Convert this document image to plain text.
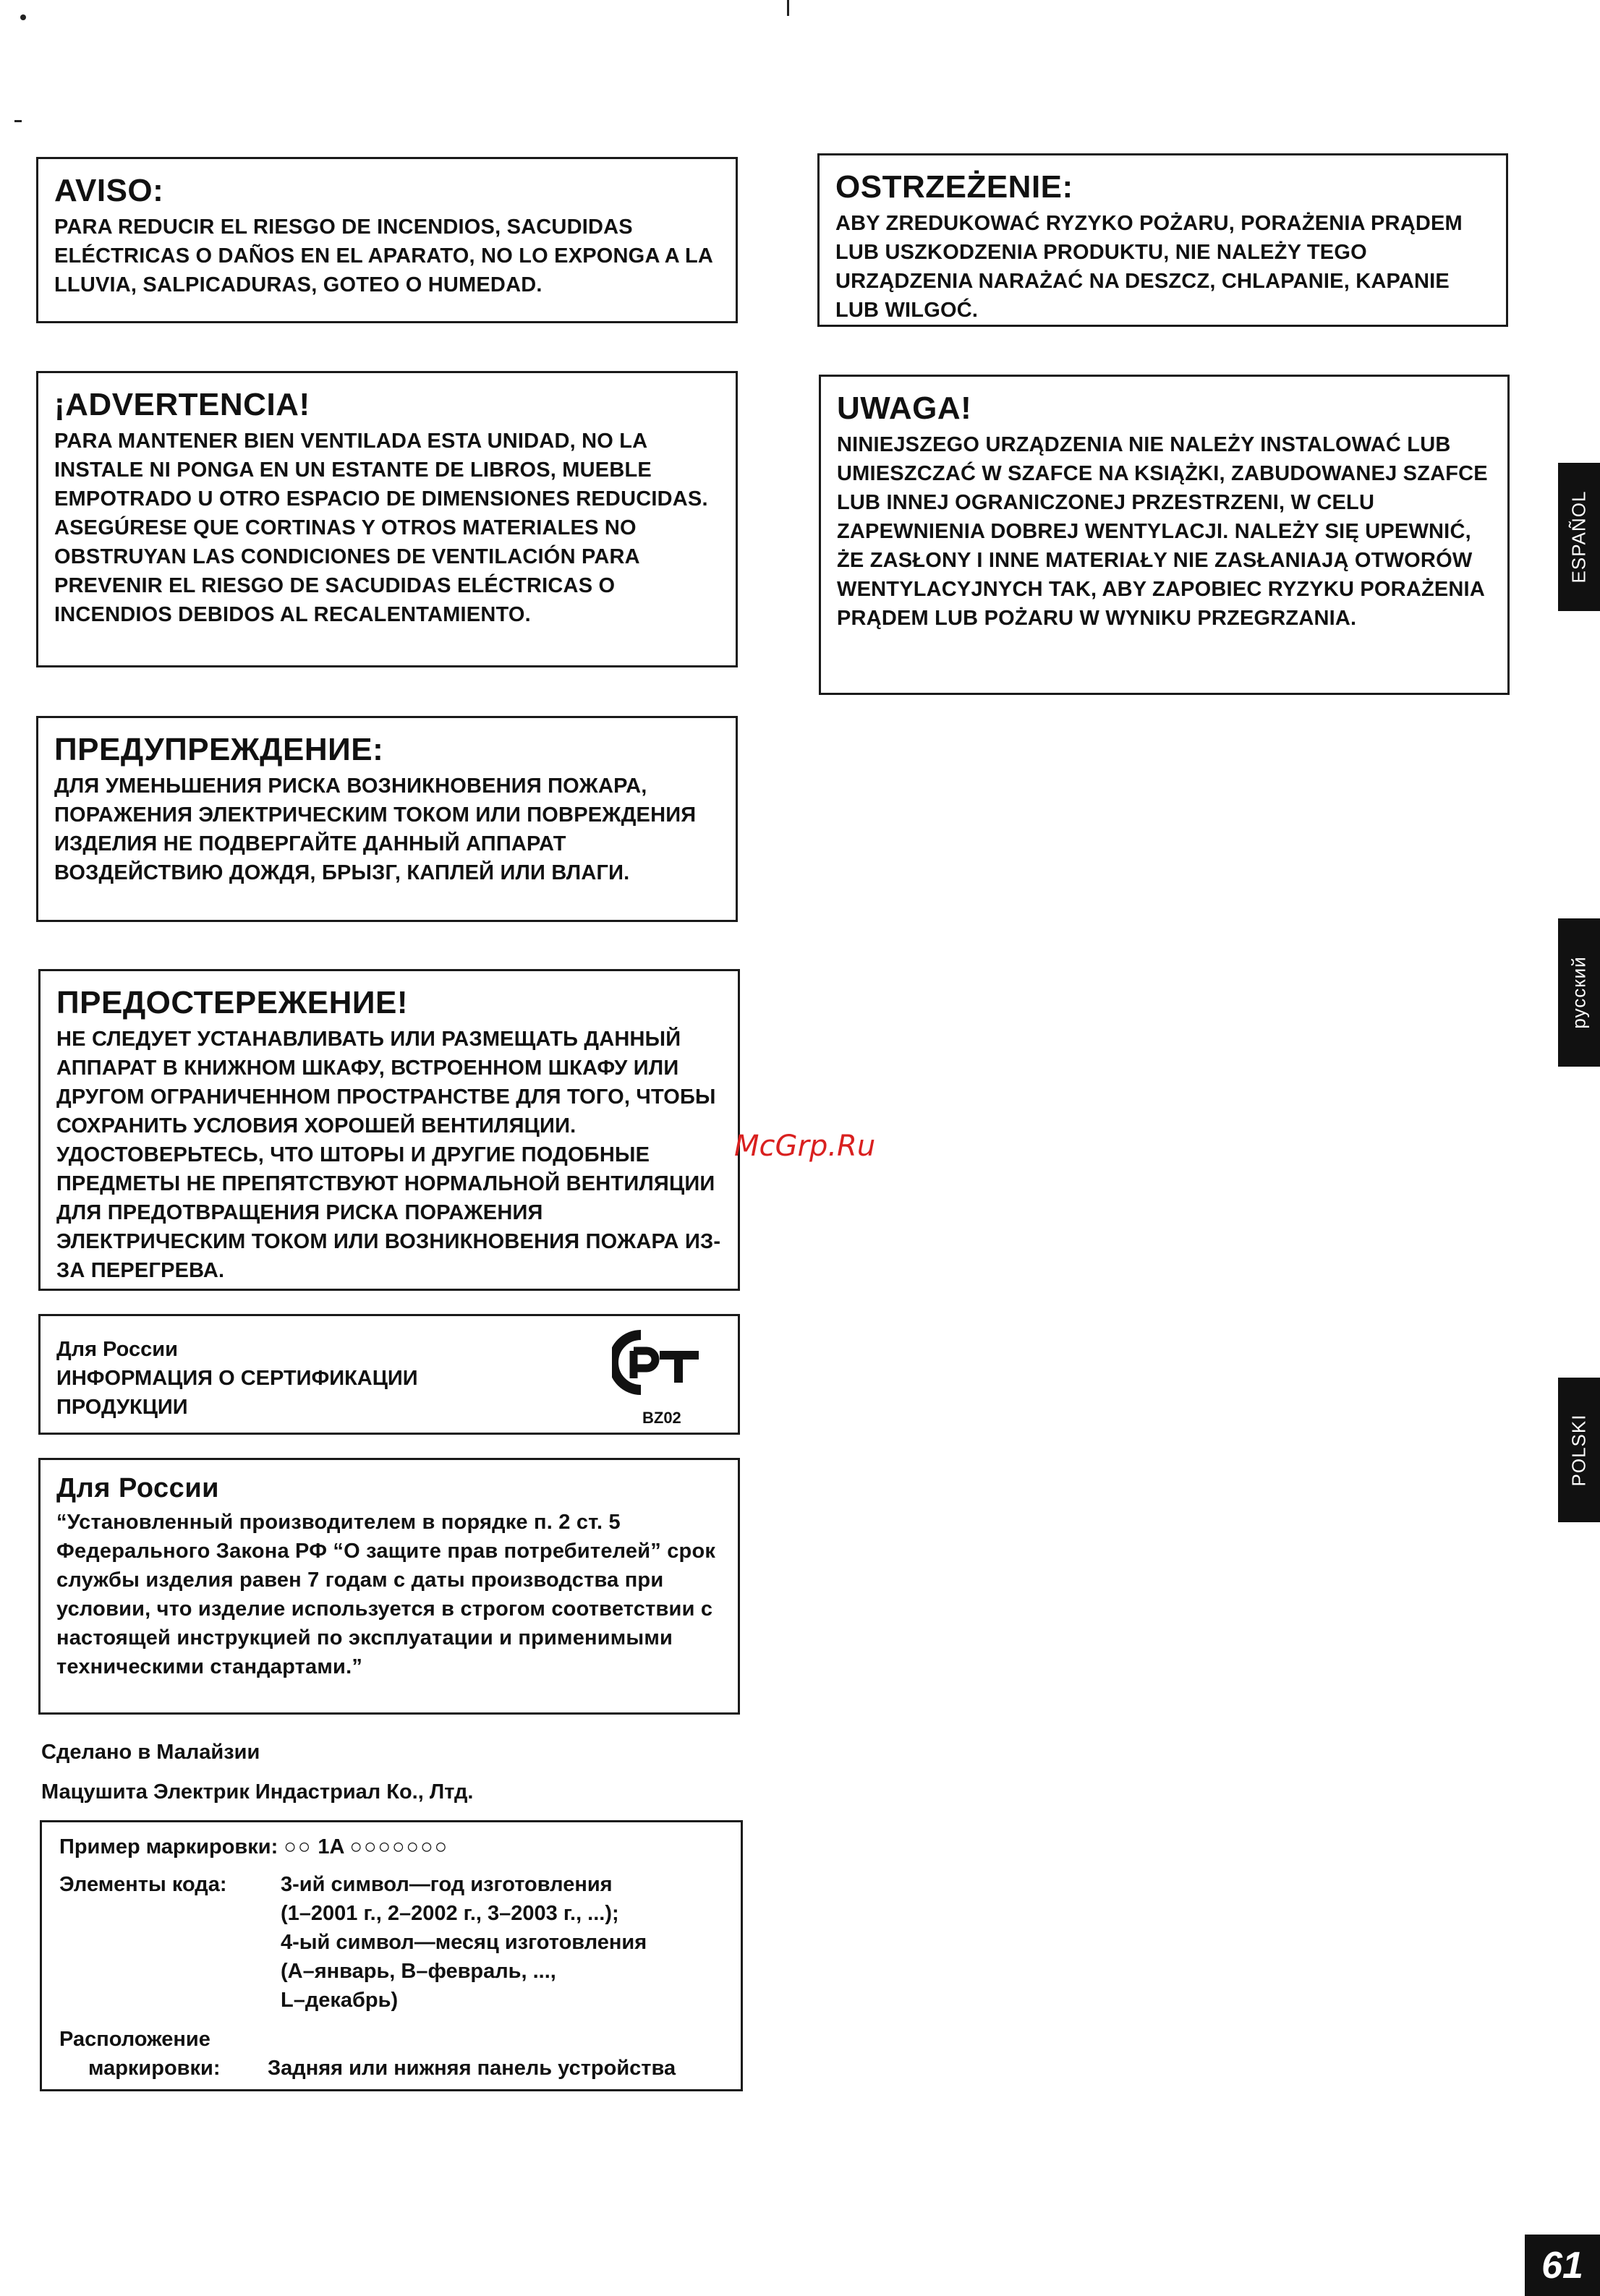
AVISO:

PARA REDUCIR EL RIESGO DE INCENDIOS, SACUDIDAS ELÉCTRICAS O DAÑOS EN EL APARATO, NO LO EXPONGA A LA LLUVIA, SALPICADURAS, GOTEO O HUMEDAD.

¡ADVERTENCIA!

PARA MANTENER BIEN VENTILADA ESTA UNIDAD, NO LA INSTALE NI PONGA EN UN ESTANTE DE LIBROS, MUEBLE EMPOTRADO U OTRO ESPACIO DE DIMENSIONES REDUCIDAS. ASEGÚRESE QUE CORTINAS Y OTROS MATERIALES NO OBSTRUYAN LAS CONDICIONES DE VENTILACIÓN PARA PREVENIR EL RIESGO DE SACUDIDAS ELÉCTRICAS O INCENDIOS DEBIDOS AL RECALENTAMIENTO.

ПРЕДУПРЕЖДЕНИЕ:

ДЛЯ УМЕНЬШЕНИЯ РИСКА ВОЗНИКНОВЕНИЯ ПОЖАРА, ПОРАЖЕНИЯ ЭЛЕКТРИЧЕСКИМ ТОКОМ ИЛИ ПОВРЕЖДЕНИЯ ИЗДЕЛИЯ НЕ ПОДВЕРГАЙТЕ ДАННЫЙ АППАРАТ ВОЗДЕЙСТВИЮ ДОЖДЯ, БРЫЗГ, КАПЛЕЙ ИЛИ ВЛАГИ.

ПРЕДОСТЕРЕЖЕНИЕ!

НЕ СЛЕДУЕТ УСТАНАВЛИВАТЬ ИЛИ РАЗМЕЩАТЬ ДАННЫЙ АППАРАТ В КНИЖНОМ ШКАФУ, ВСТРОЕННОМ ШКАФУ ИЛИ ДРУГОМ ОГРАНИЧЕННОМ ПРОСТРАНСТВЕ ДЛЯ ТОГО, ЧТОБЫ СОХРАНИТЬ УСЛОВИЯ ХОРОШЕЙ ВЕНТИЛЯЦИИ. УДОСТОВЕРЬТЕСЬ, ЧТО ШТОРЫ И ДРУГИЕ ПОДОБНЫЕ ПРЕДМЕТЫ НЕ ПРЕПЯТСТВУЮТ НОРМАЛЬНОЙ ВЕНТИЛЯЦИИ ДЛЯ ПРЕДОТВРАЩЕНИЯ РИСКА ПОРАЖЕНИЯ ЭЛЕКТРИЧЕСКИМ ТОКОМ ИЛИ ВОЗНИКНОВЕНИЯ ПОЖАРА ИЗ-ЗА ПЕРЕГРЕВА.

Для России
ИНФОРМАЦИЯ О СЕРТИФИКАЦИИ
ПРОДУКЦИИ	BZ02
Для России

“Установленный производителем в порядке п. 2 ст. 5 Федерального Закона РФ “О защите прав потребителей” срок службы изделия равен 7 годам с даты производства при условии, что изделие используется в строгом соответствии с настоящей инструкцией по эксплуатации и применимыми техническими стандартами.”

Сделано в Малайзии
Мацушита Электрик Индастриал Ко., Лтд.
Пример маркировки: ○○ 1A ○○○○○○○
Элементы кода:	3-ий символ—год изготовления
(1–2001 г., 2–2002 г., 3–2003 г., ...);
4-ый символ—месяц изготовления
(A–январь, B–февраль, ...,
L–декабрь)
Расположение
маркировки: Задняя или нижняя панель устройства
OSTRZEŻENIE:

ABY ZREDUKOWAĆ RYZYKO POŻARU, PORAŻENIA PRĄDEM LUB USZKODZENIA PRODUKTU, NIE NALEŻY TEGO URZĄDZENIA NARAŻAĆ NA DESZCZ, CHLAPANIE, KAPANIE LUB WILGOĆ.

UWAGA!

NINIEJSZEGO URZĄDZENIA NIE NALEŻY INSTALOWAĆ LUB UMIESZCZAĆ W SZAFCE NA KSIĄŻKI, ZABUDOWANEJ SZAFCE LUB INNEJ OGRANICZONEJ PRZESTRZENI, W CELU ZAPEWNIENIA DOBREJ WENTYLACJI. NALEŻY SIĘ UPEWNIĆ, ŻE ZASŁONY I INNE MATERIAŁY NIE ZASŁANIAJĄ OTWORÓW WENTYLACYJNYCH TAK, ABY ZAPOBIEC RYZYKU PORAŻENIA PRĄDEM LUB POŻARU W WYNIKU PRZEGRZANIA.

ESPAÑOL
русский
POLSKI
McGrp.Ru
61
